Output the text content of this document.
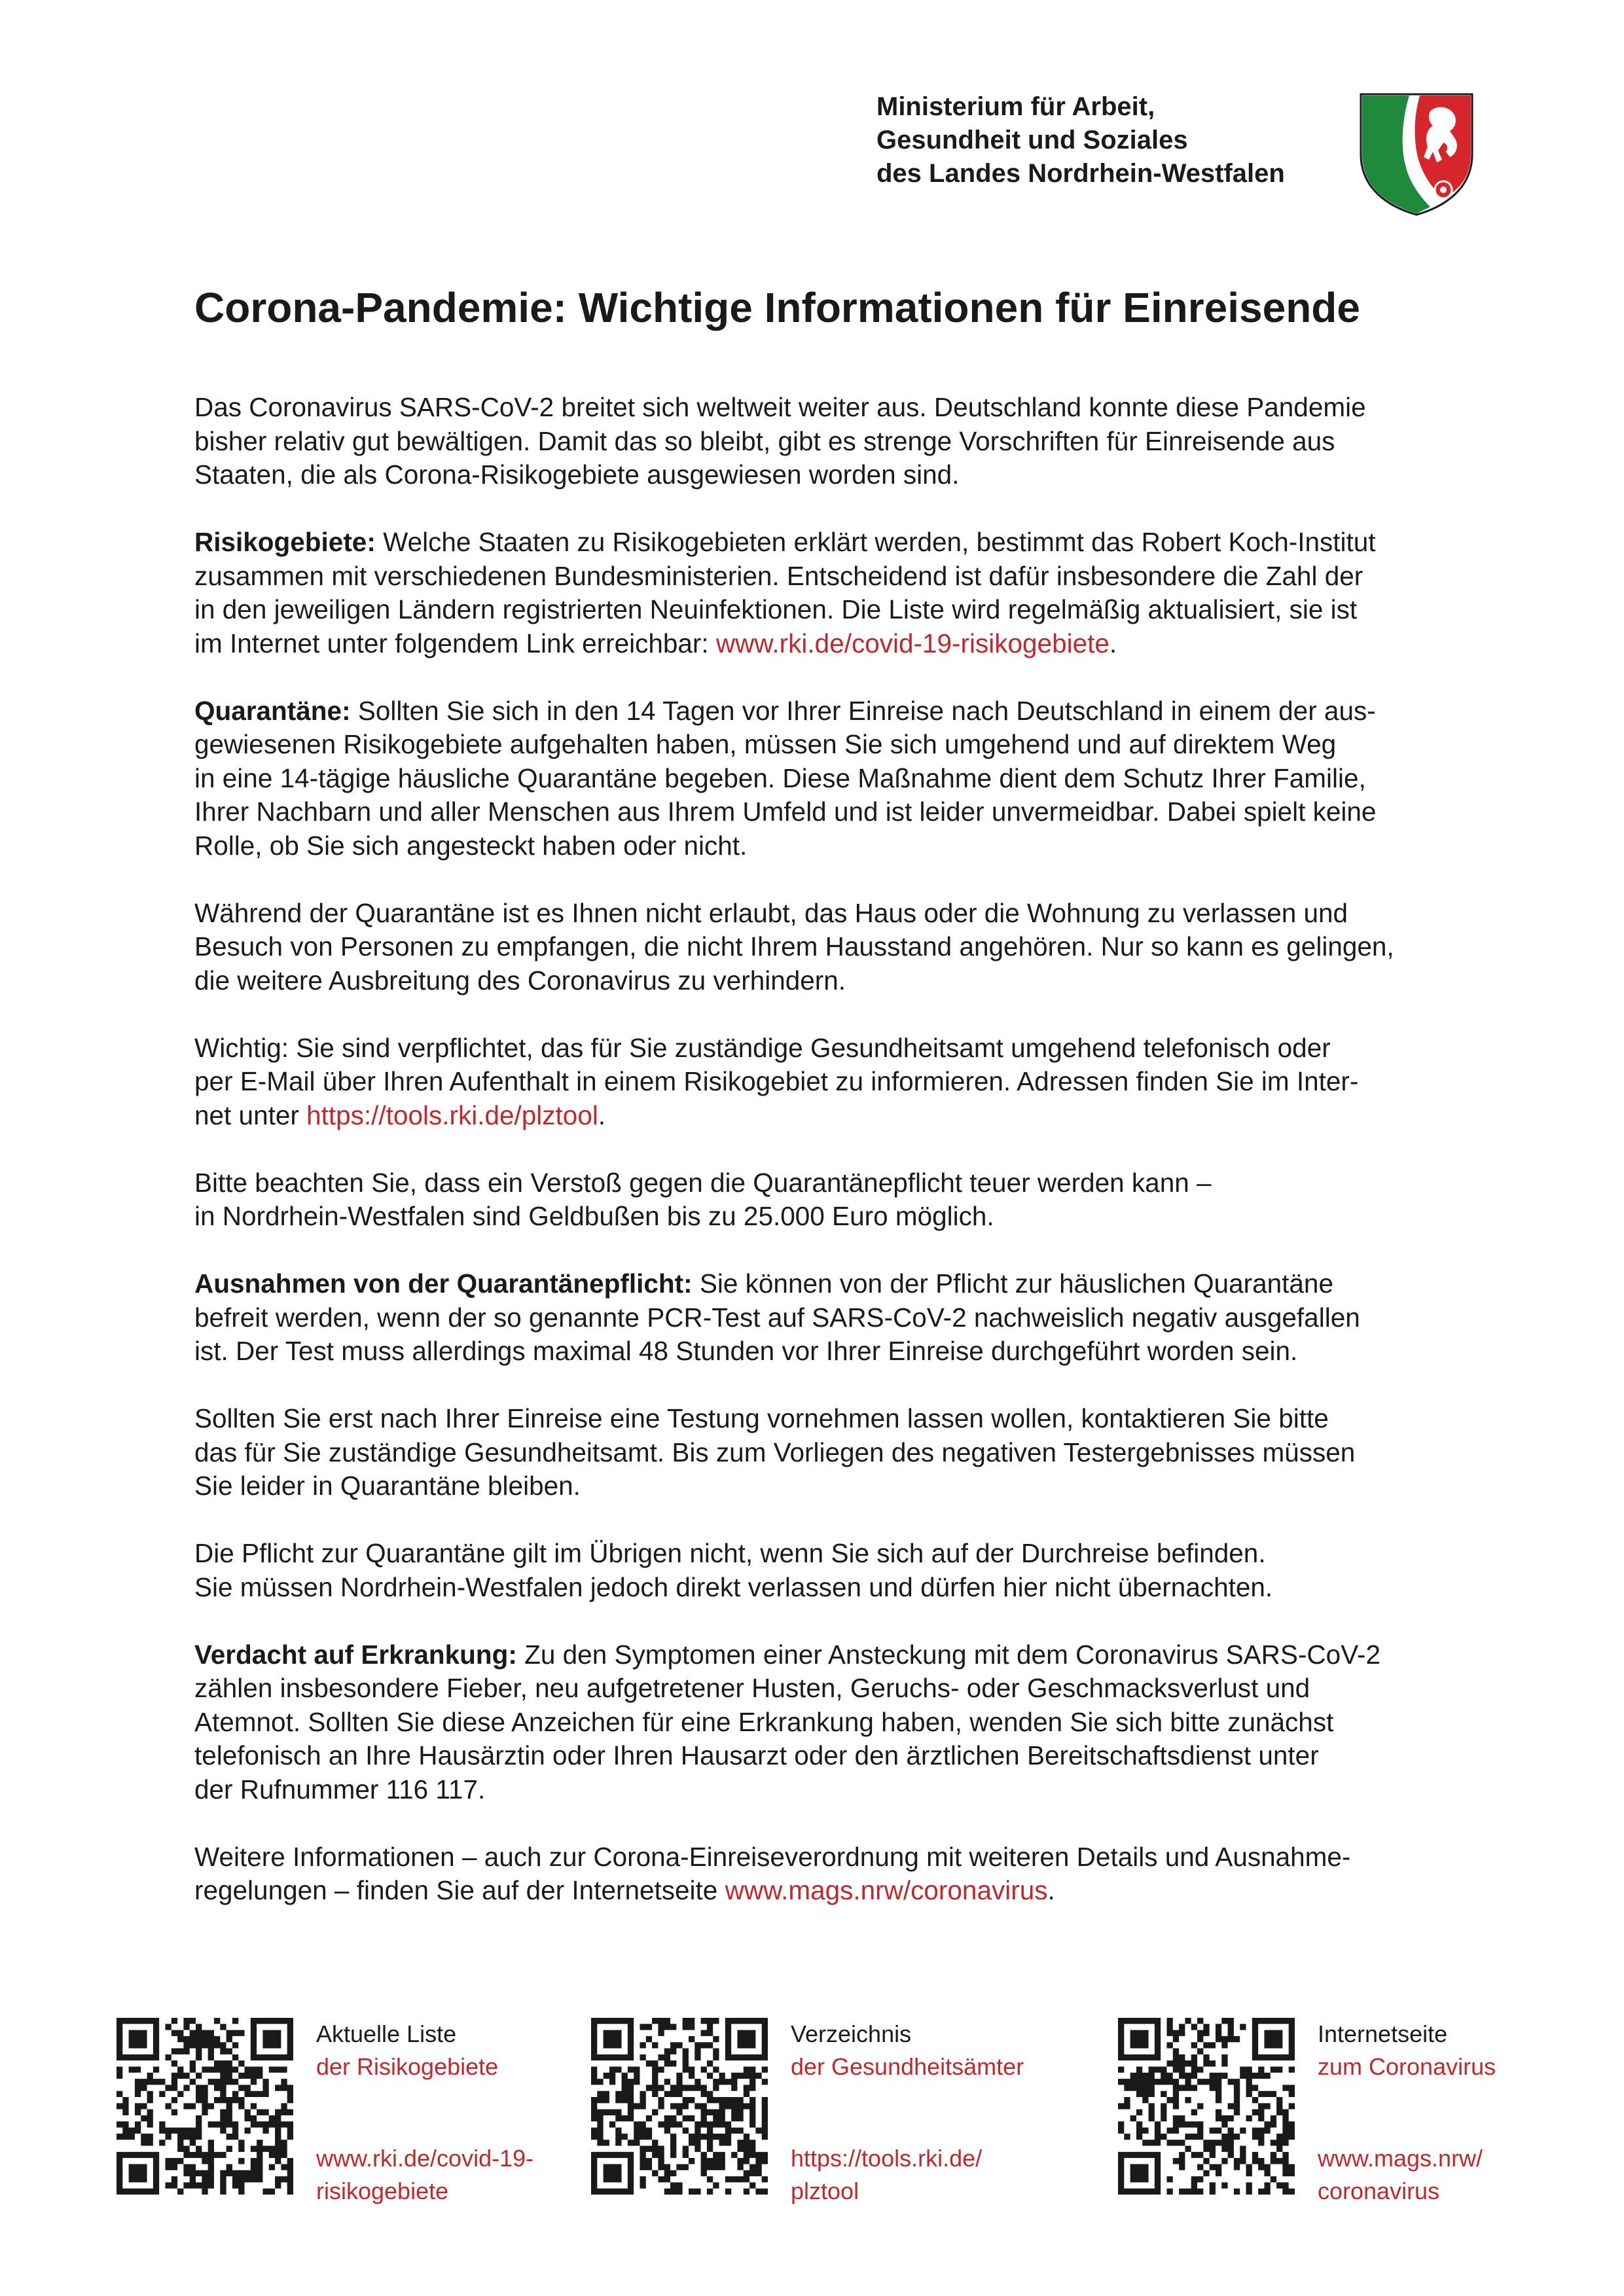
Ministerium für Arbeit,
Gesundheit und Soziales
des Landes Nordrhein-Westfalen
Corona-Pandemie: Wichtige Informationen für Einreisende
Das Coronavirus SARS-CoV-2 breitet sich weltweit weiter aus. Deutschland konnte diese Pandemie
bisher relativ gut bewältigen. Damit das so bleibt, gibt es strenge Vorschriften für Einreisende aus
Staaten, die als Corona-Risikogebiete ausgewiesen worden sind.
Risikogebiete: Welche Staaten zu Risikogebieten erklärt werden, bestimmt das Robert Koch-Institut
zusammen mit verschiedenen Bundesministerien. Entscheidend ist dafür insbesondere die Zahl der
in den jeweiligen Ländern registrierten Neuinfektionen. Die Liste wird regelmäßig aktualisiert, sie ist
im Internet unter folgendem Link erreichbar: www.rki.de/covid-19-risikogebiete.
Quarantäne: Sollten Sie sich in den 14 Tagen vor Ihrer Einreise nach Deutschland in einem der aus-
gewiesenen Risikogebiete aufgehalten haben, müssen Sie sich umgehend und auf direktem Weg
in eine 14-tägige häusliche Quarantäne begeben. Diese Maßnahme dient dem Schutz Ihrer Familie,
Ihrer Nachbarn und aller Menschen aus Ihrem Umfeld und ist leider unvermeidbar. Dabei spielt keine
Rolle, ob Sie sich angesteckt haben oder nicht.
Während der Quarantäne ist es Ihnen nicht erlaubt, das Haus oder die Wohnung zu verlassen und
Besuch von Personen zu empfangen, die nicht Ihrem Hausstand angehören. Nur so kann es gelingen,
die weitere Ausbreitung des Coronavirus zu verhindern.
Wichtig: Sie sind verpflichtet, das für Sie zuständige Gesundheitsamt umgehend telefonisch oder
per E-Mail über Ihren Aufenthalt in einem Risikogebiet zu informieren. Adressen finden Sie im Inter-
net unter https://tools.rki.de/plztool.
Bitte beachten Sie, dass ein Verstoß gegen die Quarantänepflicht teuer werden kann –
in Nordrhein-Westfalen sind Geldbußen bis zu 25.000 Euro möglich.
Ausnahmen von der Quarantänepflicht: Sie können von der Pflicht zur häuslichen Quarantäne
befreit werden, wenn der so genannte PCR-Test auf SARS-CoV-2 nachweislich negativ ausgefallen
ist. Der Test muss allerdings maximal 48 Stunden vor Ihrer Einreise durchgeführt worden sein.
Sollten Sie erst nach Ihrer Einreise eine Testung vornehmen lassen wollen, kontaktieren Sie bitte
das für Sie zuständige Gesundheitsamt. Bis zum Vorliegen des negativen Testergebnisses müssen
Sie leider in Quarantäne bleiben.
Die Pflicht zur Quarantäne gilt im Übrigen nicht, wenn Sie sich auf der Durchreise befinden.
Sie müssen Nordrhein-Westfalen jedoch direkt verlassen und dürfen hier nicht übernachten.
Verdacht auf Erkrankung: Zu den Symptomen einer Ansteckung mit dem Coronavirus SARS-CoV-2
zählen insbesondere Fieber, neu aufgetretener Husten, Geruchs- oder Geschmacksverlust und
Atemnot. Sollten Sie diese Anzeichen für eine Erkrankung haben, wenden Sie sich bitte zunächst
telefonisch an Ihre Hausärztin oder Ihren Hausarzt oder den ärztlichen Bereitschaftsdienst unter
der Rufnummer 116 117.
Weitere Informationen – auch zur Corona-Einreiseverordnung mit weiteren Details und Ausnahme-
regelungen – finden Sie auf der Internetseite www.mags.nrw/coronavirus.
Aktuelle Liste
der Risikogebiete
www.rki.de/covid-19-
risikogebiete
Verzeichnis
der Gesundheitsämter
https://tools.rki.de/
plztool
Internetseite
zum Coronavirus
www.mags.nrw/
coronavirus
